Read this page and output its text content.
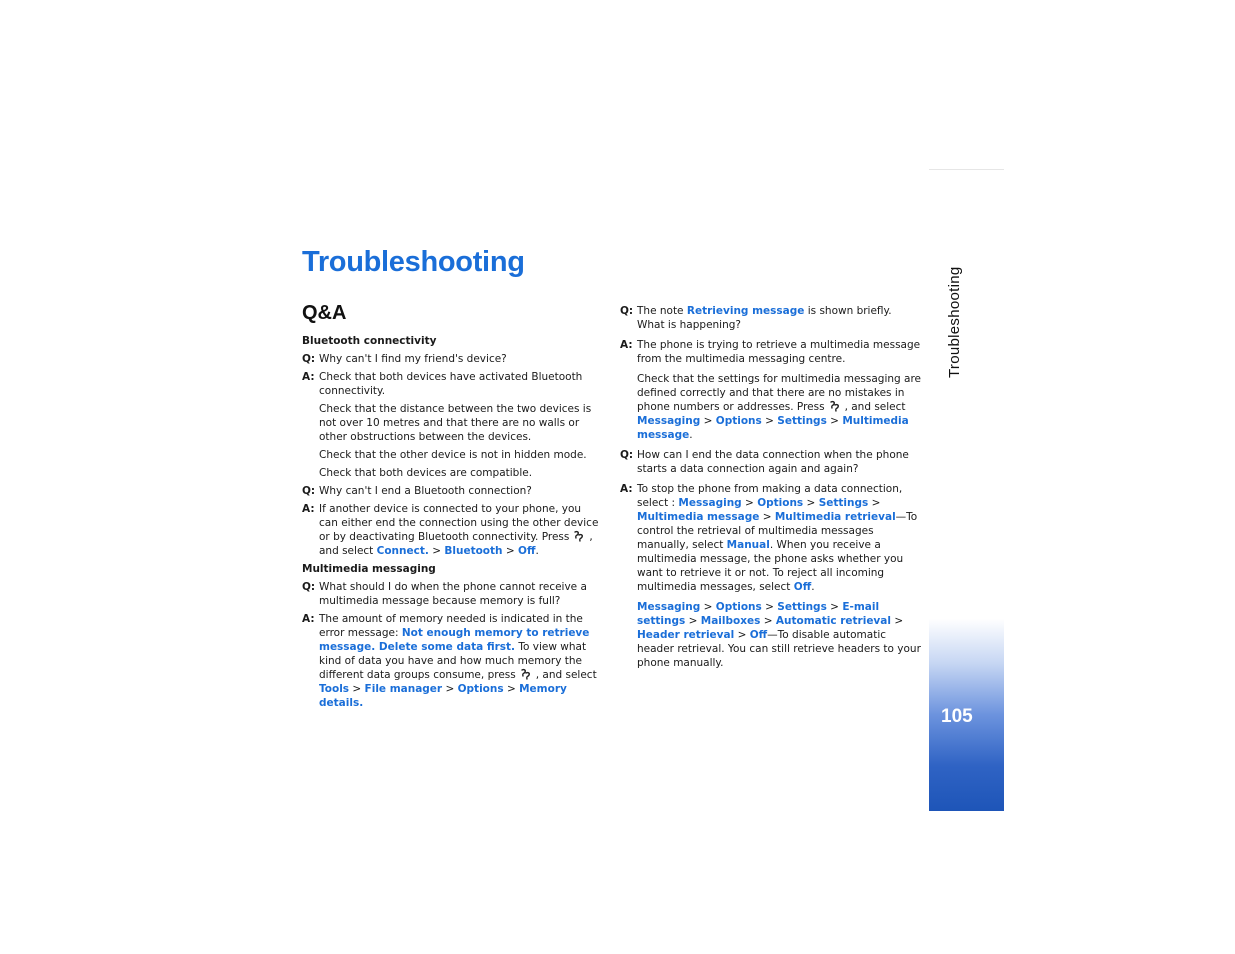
Troubleshooting
Q&A

Bluetooth connectivity

Q: Why can't I find my friend's device?
A: Check that both devices have activated Bluetooth connectivity.

Check that the distance between the two devices is not over 10 metres and that there are no walls or other obstructions between the devices.

Check that the other device is not in hidden mode.

Check that both devices are compatible.

Q: Why can't I end a Bluetooth connection?
A: If another device is connected to your phone, you can either end the connection using the other device or by deactivating Bluetooth connectivity. Press , and select Connect. > Bluetooth > Off.

Multimedia messaging

Q: What should I do when the phone cannot receive a multimedia message because memory is full?
A: The amount of memory needed is indicated in the error message: Not enough memory to retrieve message. Delete some data first. To view what kind of data you have and how much memory the different data groups consume, press , and select Tools > File manager > Options > Memory details.
Q: The note Retrieving message is shown briefly. What is happening?
A: The phone is trying to retrieve a multimedia message from the multimedia messaging centre.

Check that the settings for multimedia messaging are defined correctly and that there are no mistakes in phone numbers or addresses. Press , and select Messaging > Options > Settings > Multimedia message.

Q: How can I end the data connection when the phone starts a data connection again and again?
A: To stop the phone from making a data connection, select : Messaging > Options > Settings > Multimedia message > Multimedia retrieval—To control the retrieval of multimedia messages manually, select Manual. When you receive a multimedia message, the phone asks whether you want to retrieve it or not. To reject all incoming multimedia messages, select Off.

Messaging > Options > Settings > E-mail settings > Mailboxes > Automatic retrieval > Header retrieval > Off—To disable automatic header retrieval. You can still retrieve headers to your phone manually.

Troubleshooting
105
